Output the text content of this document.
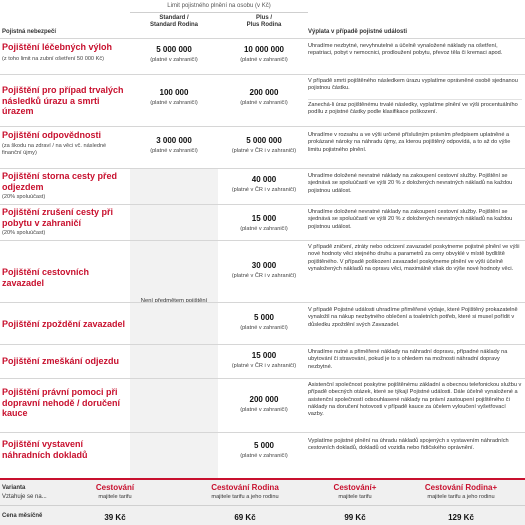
Limit pojistného plnění na osobu (v Kč)
Pojistná nebezpečí
Standard /
Standard Rodina
Plus /
Plus Rodina
Výplata v případě pojistné události
Není předmětem pojištění
Pojištění léčebných výloh
(z toho limit na zubní ošetření 50 000 Kč)
5 000 000
(platné v zahraničí)
10 000 000
(platné v zahraničí)
Uhradíme nezbytné, nevyhnutelné a účelně vynaložené náklady na ošetření, repatriaci, pobyt v nemocnici, prodloužení pobytu, převoz těla či kremaci apod.
Pojištění pro případ trvalých následků úrazu a smrti úrazem
100 000
(platné v zahraničí)
200 000
(platné v zahraničí)
V případě smrti pojištěného následkem úrazu vyplatíme oprávněné osobě sjednanou pojistnou částku.
Zanechá-li úraz pojištěnému trvalé následky, vyplatíme plnění ve výši procentuálního podílu z pojistné částky podle klasifikace poškození.
Pojištění odpovědnosti
(za škodu na zdraví / na věci vč. následné finanční újmy)
3 000 000
(platné v zahraničí)
5 000 000
(platné v ČR i v zahraničí)
Uhradíme v rozsahu a ve výši určené příslušným právním předpisem uplatněné a prokázané nároky na náhradu újmy, za kterou pojištěný odpovídá, a to až do výše limitu pojistného plnění.
Pojištění storna cesty před odjezdem
(20% spoluúčast)
40 000
(platné v ČR i v zahraničí)
Uhradíme doložené nevratné náklady na zakoupení cestovní služby. Pojištění se sjednává se spoluúčastí ve výši 20 % z doložených nevratných nákladů na každou pojistnou událost.
Pojištění zrušení cesty při pobytu v zahraničí
(20% spoluúčast)
15 000
(platné v zahraničí)
Uhradíme doložené nevratné náklady na zakoupení cestovní služby. Pojištění se sjednává se spoluúčastí ve výši 20 % z doložených nevratných nákladů na každou pojistnou událost.
Pojištění cestovních zavazadel
30 000
(platné v ČR i v zahraničí)
V případě zničení, ztráty nebo odcizení zavazadel poskytneme pojistné plnění ve výši nové hodnoty věci stejného druhu a parametrů za ceny obvyklé v místě bydliště pojištěného. V případě poškození zavazadel poskytneme plnění ve výši účelně vynaložených nákladů na opravu věci, maximálně však do výše nové hodnoty věci.
Pojištění zpoždění zavazadel
5 000
(platné v zahraničí)
V případě Pojistné události uhradíme přiměřené výdaje, které Pojištěný prokazatelně vynaložil na nákup nezbytného oblečení a toaletních potřeb, které si musel pořídit v důsledku zpoždění svých Zavazadel.
Pojištění zmeškání odjezdu
15 000
(platné v ČR i v zahraničí)
Uhradíme nutné a přiměřené náklady na náhradní dopravu, případné náklady na ubytování či stravování, pokud je to s ohledem na možnosti náhradní dopravy nezbytné.
Pojištění právní pomoci při dopravní nehodě / doručení kauce
200 000
(platné v zahraničí)
Asistenční společnost poskytne pojištěnému základní a obecnou telefonickou službu v případě obecných otázek, které se týkají Pojistné události. Dále účelně vynaložené a asistenční společností odsouhlasené náklady na právní zastoupení pojištěného či náklady na doručení hotovosti v případě kauce za účelem vyloučení vyšetřovací vazby.
Pojištění vystavení náhradních dokladů
5 000
(platné v zahraničí)
Vyplatíme pojistné plnění na úhradu nákladů spojených s vystavením náhradních cestovních dokladů, dokladů od vozidla nebo řidičského oprávnění.
Varianta
Vztahuje se na...
Cena měsíčně
Cestování
majitele tarifu
39 Kč
Cestování Rodina
majitele tarifu a jeho rodinu
69 Kč
Cestování+
majitele tarifu
99 Kč
Cestování Rodina+
majitele tarifu a jeho rodinu
129 Kč
